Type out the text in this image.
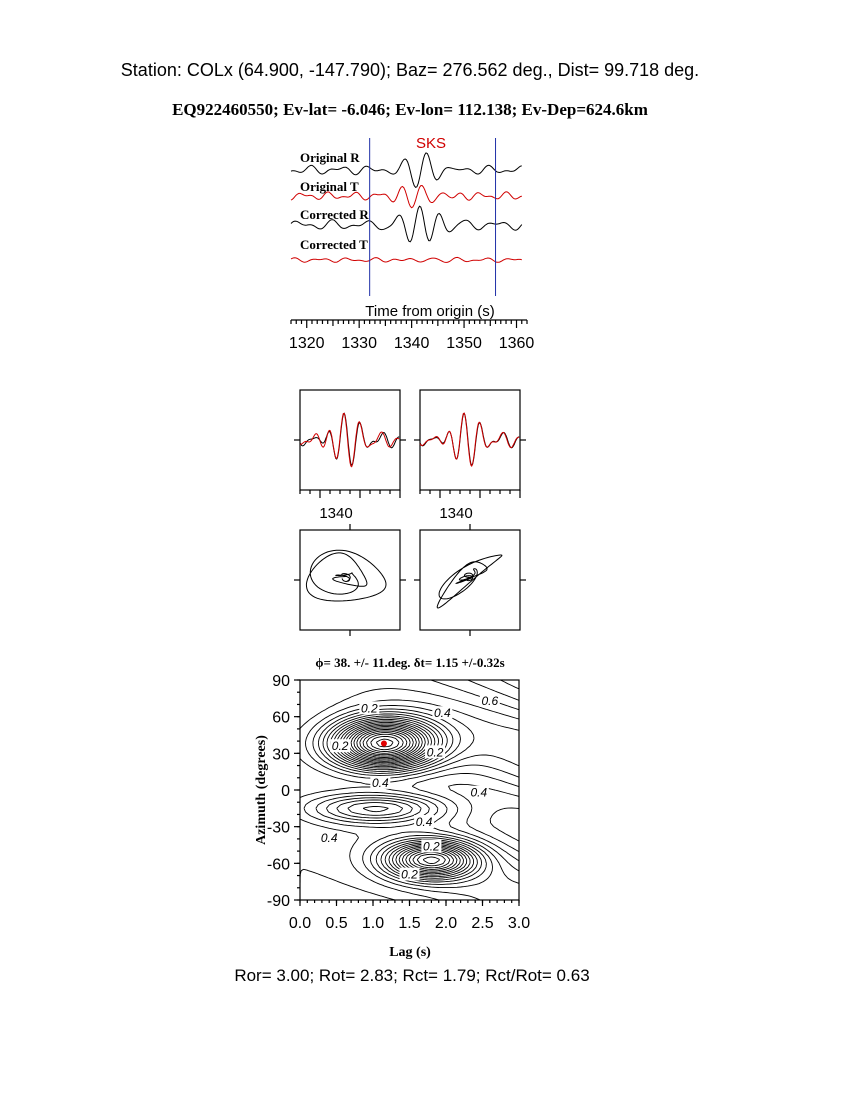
Station: COLx (64.900, -147.790); Baz= 276.562 deg., Dist= 99.718 deg.
EQ922460550; Ev-lat= -6.046; Ev-lon= 112.138; Ev-Dep=624.6km
SKS
Original R
Original T
Corrected R
Corrected T
Time from origin (s)
1320 1330 1340 1350 1360
1340	1340
ϕ= 38. +/- 11.deg. δt= 1.15 +/-0.32s
0.0 0.5 1.0 1.5 2.0 2.5 3.0
90
60
30
0
-30
-60
-90
0.2	0.4
0.6
0.2	0.2
0.4
0.4
0.4
0.4
0.2
0.2
Lag (s)
Azimuth (degrees)
Ror= 3.00; Rot= 2.83; Rct= 1.79; Rct/Rot= 0.63
